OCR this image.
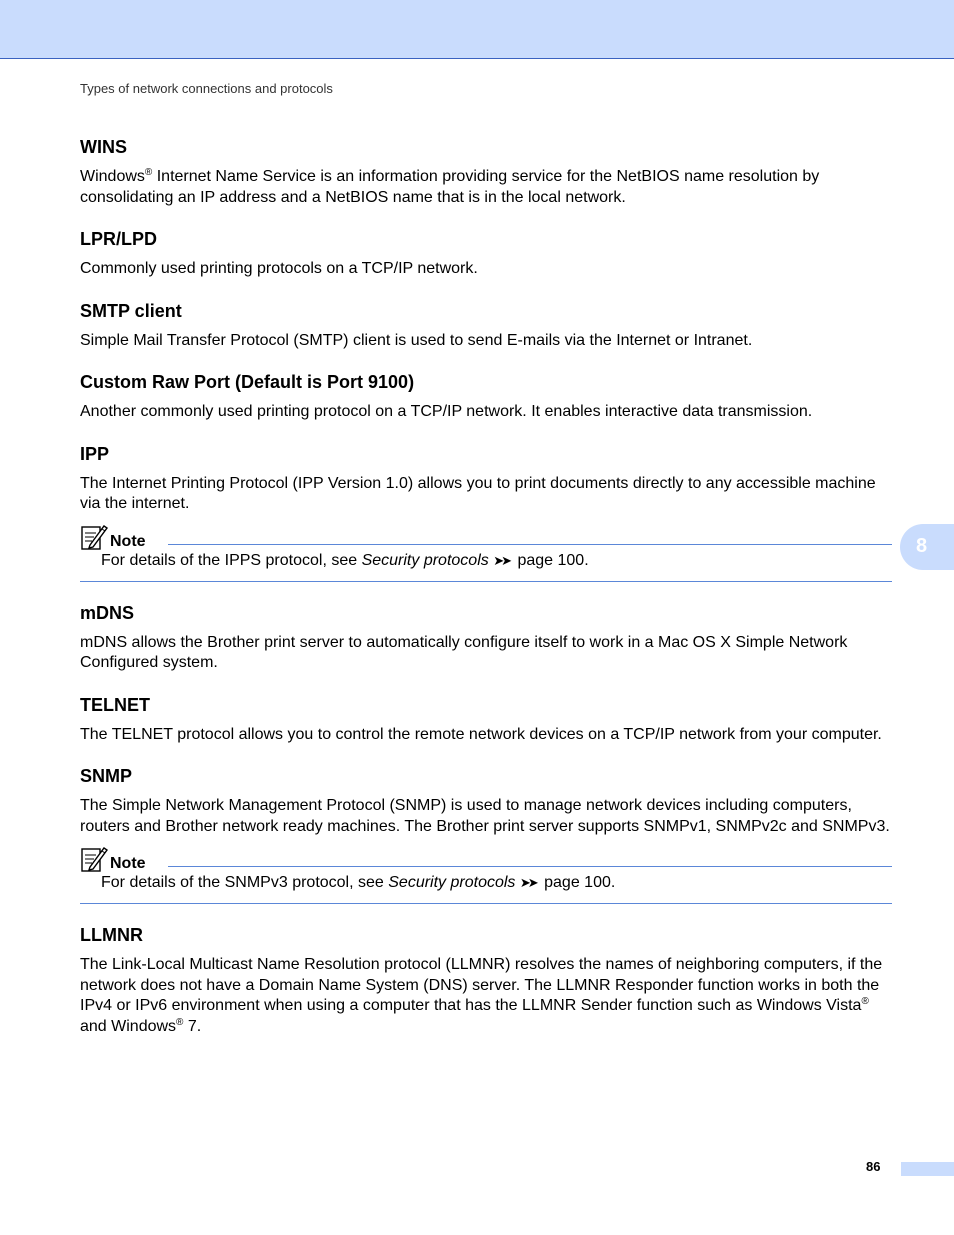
Types of network connections and protocols
8
WINS

Windows® Internet Name Service is an information providing service for the NetBIOS name resolution by consolidating an IP address and a NetBIOS name that is in the local network.

LPR/LPD

Commonly used printing protocols on a TCP/IP network.

SMTP client

Simple Mail Transfer Protocol (SMTP) client is used to send E-mails via the Internet or Intranet.

Custom Raw Port (Default is Port 9100)

Another commonly used printing protocol on a TCP/IP network. It enables interactive data transmission.

IPP

The Internet Printing Protocol (IPP Version 1.0) allows you to print documents directly to any accessible machine via the internet.

Note
For details of the IPPS protocol, see Security protocols ➤➤ page 100.
mDNS

mDNS allows the Brother print server to automatically configure itself to work in a Mac OS X Simple Network Configured system.

TELNET

The TELNET protocol allows you to control the remote network devices on a TCP/IP network from your computer.

SNMP

The Simple Network Management Protocol (SNMP) is used to manage network devices including computers, routers and Brother network ready machines. The Brother print server supports SNMPv1, SNMPv2c and SNMPv3.

Note
For details of the SNMPv3 protocol, see Security protocols ➤➤ page 100.
LLMNR

The Link-Local Multicast Name Resolution protocol (LLMNR) resolves the names of neighboring computers, if the network does not have a Domain Name System (DNS) server. The LLMNR Responder function works in both the IPv4 or IPv6 environment when using a computer that has the LLMNR Sender function such as Windows Vista® and Windows® 7.

86
